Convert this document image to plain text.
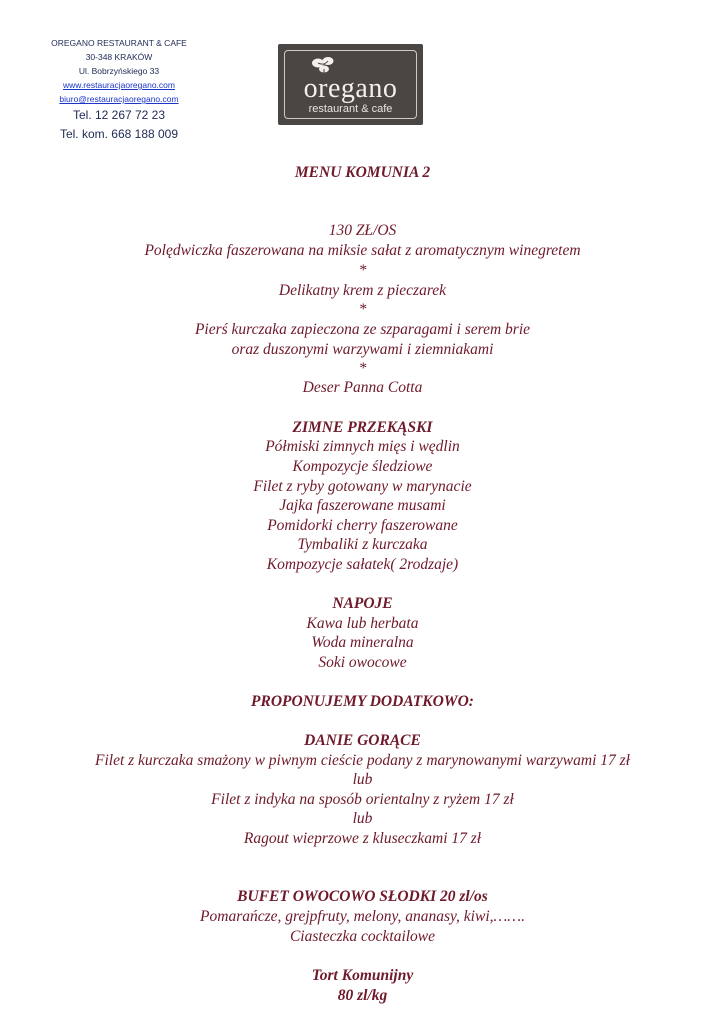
OREGANO RESTAURANT & CAFE
30-348 KRAKÓW
Ul. Bobrzyńskiego 33
www.restauracjaoregano.com
biuro@restauracjaoregano.com
Tel. 12 267 72 23
Tel. kom. 668 188 009
oregano
restaurant & cafe
MENU KOMUNIA 2
130 ZŁ/OS
Polędwiczka faszerowana na miksie sałat z aromatycznym winegretem
*
Delikatny krem z pieczarek
*
Pierś kurczaka zapieczona ze szparagami i serem brie
oraz duszonymi warzywami i ziemniakami
*
Deser Panna Cotta
ZIMNE PRZEKĄSKI
Półmiski zimnych mięs i wędlin
Kompozycje śledziowe
Filet z ryby gotowany w marynacie
Jajka faszerowane musami
Pomidorki cherry faszerowane
Tymbaliki z kurczaka
Kompozycje sałatek( 2rodzaje)
NAPOJE
Kawa lub herbata
Woda mineralna
Soki owocowe
PROPONUJEMY DODATKOWO:
DANIE GORĄCE
Filet z kurczaka smażony w piwnym cieście podany z marynowanymi warzywami 17 zł
lub
Filet z indyka na sposób orientalny z ryżem 17 zł
lub
Ragout wieprzowe z kluseczkami 17 zł
BUFET OWOCOWO SŁODKI 20 zl/os
Pomarańcze, grejpfruty, melony, ananasy, kiwi,…….
Ciasteczka cocktailowe
Tort Komunijny
80 zl/kg
